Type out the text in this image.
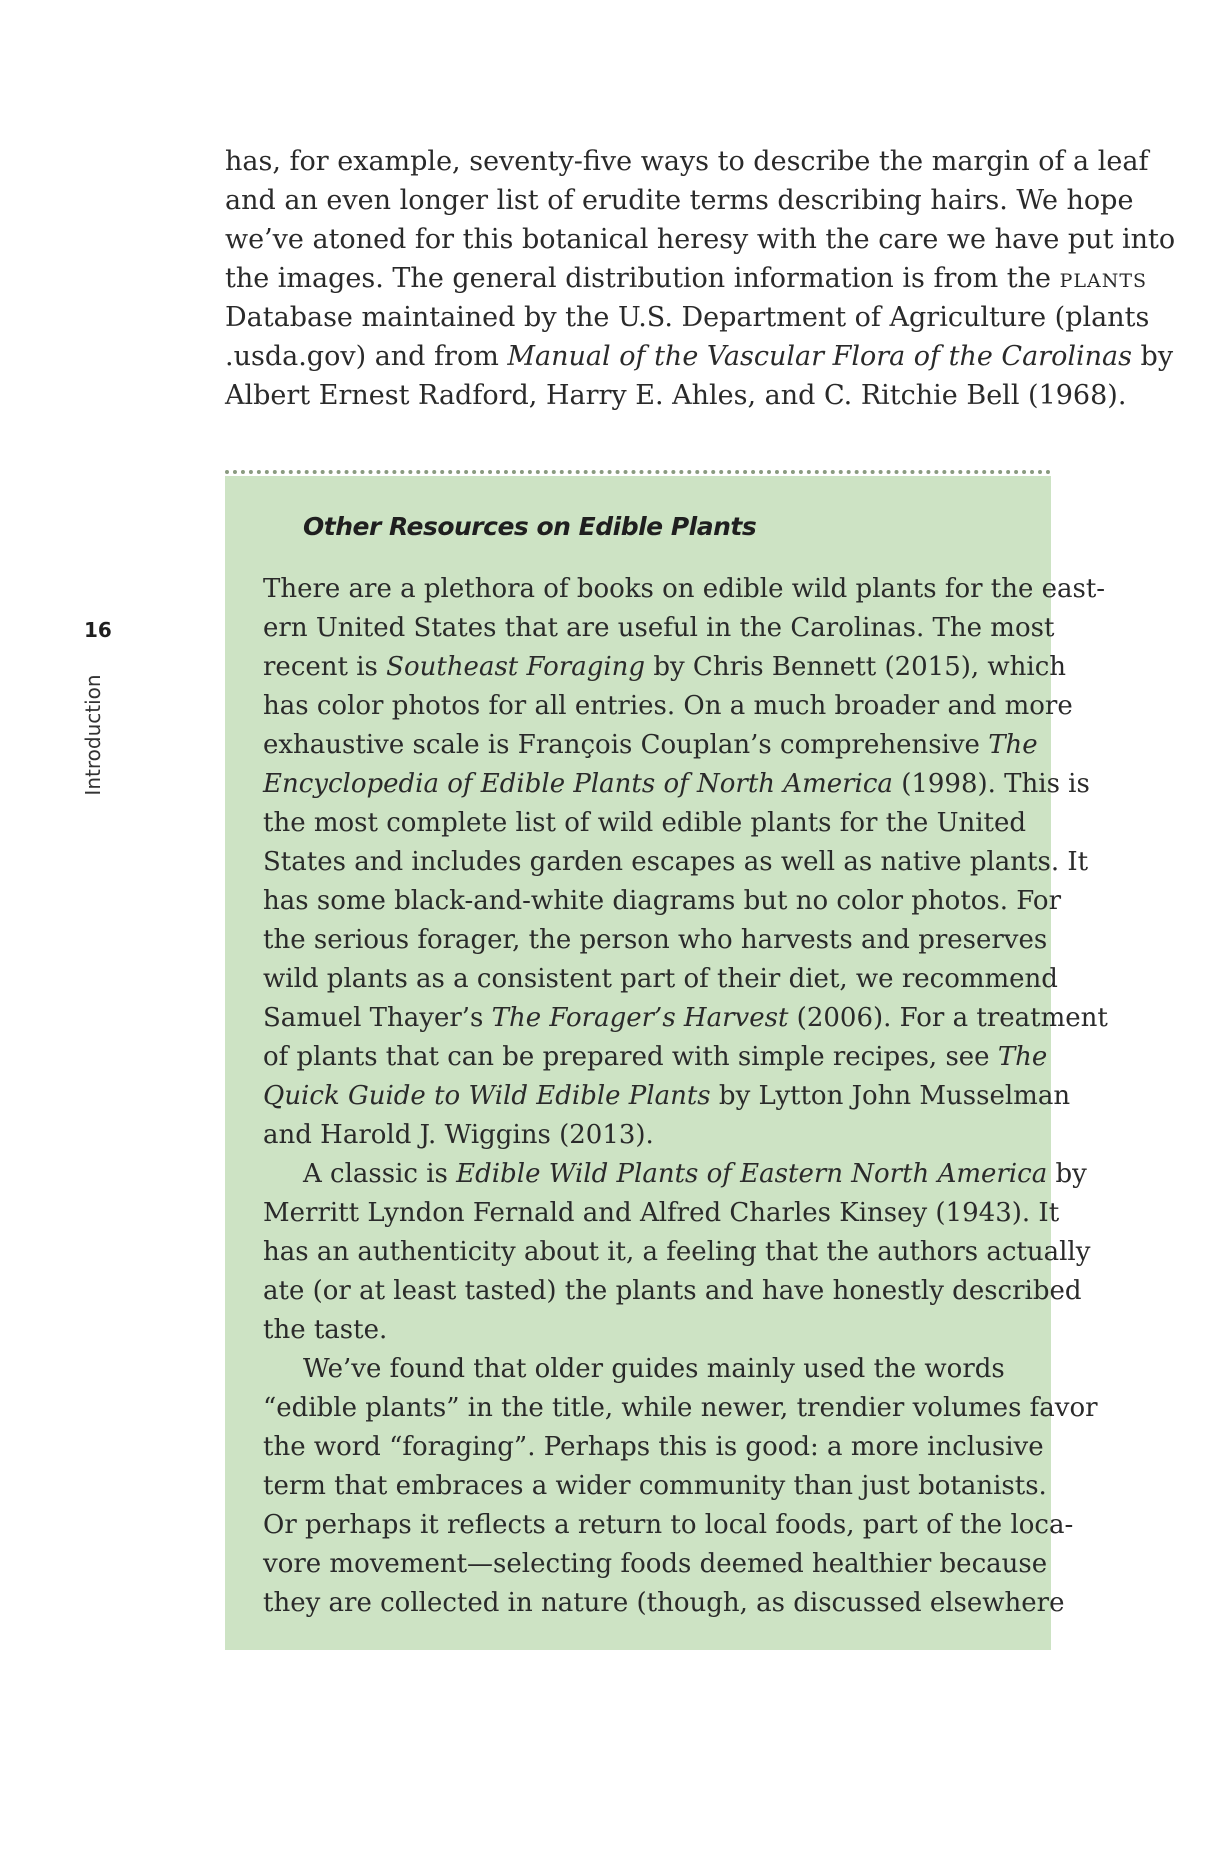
has, for example, seventy-five ways to describe the margin of a leaf
and an even longer list of erudite terms describing hairs. We hope
we’ve atoned for this botanical heresy with the care we have put into
the images. The general distribution information is from the plants
Database maintained by the U.S. Department of Agriculture (plants
.usda.gov) and from Manual of the Vascular Flora of the Carolinas by
Albert Ernest Radford, Harry E. Ahles, and C. Ritchie Bell (1968).
Other Resources on Edible Plants

There are a plethora of books on edible wild plants for the east-
ern United States that are useful in the Carolinas. The most
recent is Southeast Foraging by Chris Bennett (2015), which
has color photos for all entries. On a much broader and more
exhaustive scale is François Couplan’s comprehensive The
Encyclopedia of Edible Plants of North America (1998). This is
the most complete list of wild edible plants for the United
States and includes garden escapes as well as native plants. It
has some black-and-white diagrams but no color photos. For
the serious forager, the person who harvests and preserves
wild plants as a consistent part of their diet, we recommend
Samuel Thayer’s The Forager’s Harvest (2006). For a treatment
of plants that can be prepared with simple recipes, see The
Quick Guide to Wild Edible Plants by Lytton John Musselman
and Harold J. Wiggins (2013).

A classic is Edible Wild Plants of Eastern North America by
Merritt Lyndon Fernald and Alfred Charles Kinsey (1943). It
has an authenticity about it, a feeling that the authors actually
ate (or at least tasted) the plants and have honestly described
the taste.

We’ve found that older guides mainly used the words
“edible plants” in the title, while newer, trendier volumes favor
the word “foraging”. Perhaps this is good: a more inclusive
term that embraces a wider community than just botanists.
Or perhaps it reflects a return to local foods, part of the loca-
vore movement—selecting foods deemed healthier because
they are collected in nature (though, as discussed elsewhere

16
Introduction
